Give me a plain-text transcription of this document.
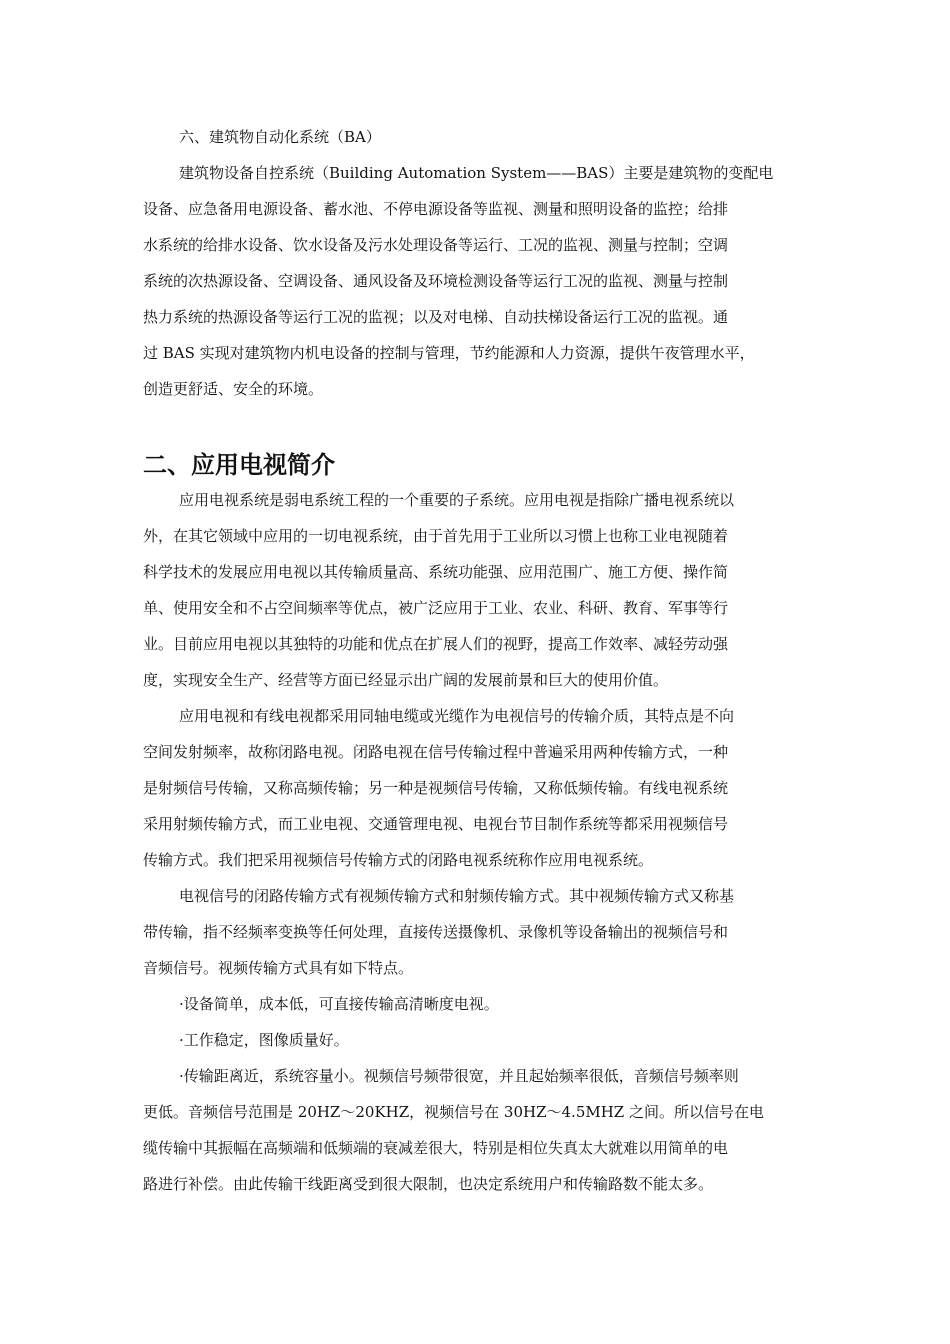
六、建筑物自动化系统（BA）
建筑物设备自控系统（Building Automation System——BAS）主要是建筑物的变配电
设备、应急备用电源设备、蓄水池、不停电源设备等监视、测量和照明设备的监控；给排
水系统的给排水设备、饮水设备及污水处理设备等运行、工况的监视、测量与控制；空调
系统的次热源设备、空调设备、通风设备及环境检测设备等运行工况的监视、测量与控制
热力系统的热源设备等运行工况的监视；以及对电梯、自动扶梯设备运行工况的监视。通
过 BAS 实现对建筑物内机电设备的控制与管理，节约能源和人力资源，提供午夜管理水平，
创造更舒适、安全的环境。
二、应用电视简介
应用电视系统是弱电系统工程的一个重要的子系统。应用电视是指除广播电视系统以
外，在其它领域中应用的一切电视系统，由于首先用于工业所以习惯上也称工业电视随着
科学技术的发展应用电视以其传输质量高、系统功能强、应用范围广、施工方便、操作简
单、使用安全和不占空间频率等优点，被广泛应用于工业、农业、科研、教育、军事等行
业。目前应用电视以其独特的功能和优点在扩展人们的视野，提高工作效率、减轻劳动强
度，实现安全生产、经营等方面已经显示出广阔的发展前景和巨大的使用价值。
应用电视和有线电视都采用同轴电缆或光缆作为电视信号的传输介质，其特点是不向
空间发射频率，故称闭路电视。闭路电视在信号传输过程中普遍采用两种传输方式，一种
是射频信号传输，又称高频传输；另一种是视频信号传输，又称低频传输。有线电视系统
采用射频传输方式，而工业电视、交通管理电视、电视台节目制作系统等都采用视频信号
传输方式。我们把采用视频信号传输方式的闭路电视系统称作应用电视系统。
电视信号的闭路传输方式有视频传输方式和射频传输方式。其中视频传输方式又称基
带传输，指不经频率变换等任何处理，直接传送摄像机、录像机等设备输出的视频信号和
音频信号。视频传输方式具有如下特点。
·设备简单，成本低，可直接传输高清晰度电视。
·工作稳定，图像质量好。
·传输距离近，系统容量小。视频信号频带很宽，并且起始频率很低，音频信号频率则
更低。音频信号范围是 20HZ～20KHZ，视频信号在 30HZ～4.5MHZ 之间。所以信号在电
缆传输中其振幅在高频端和低频端的衰减差很大，特别是相位失真太大就难以用简单的电
路进行补偿。由此传输干线距离受到很大限制，也决定系统用户和传输路数不能太多。
